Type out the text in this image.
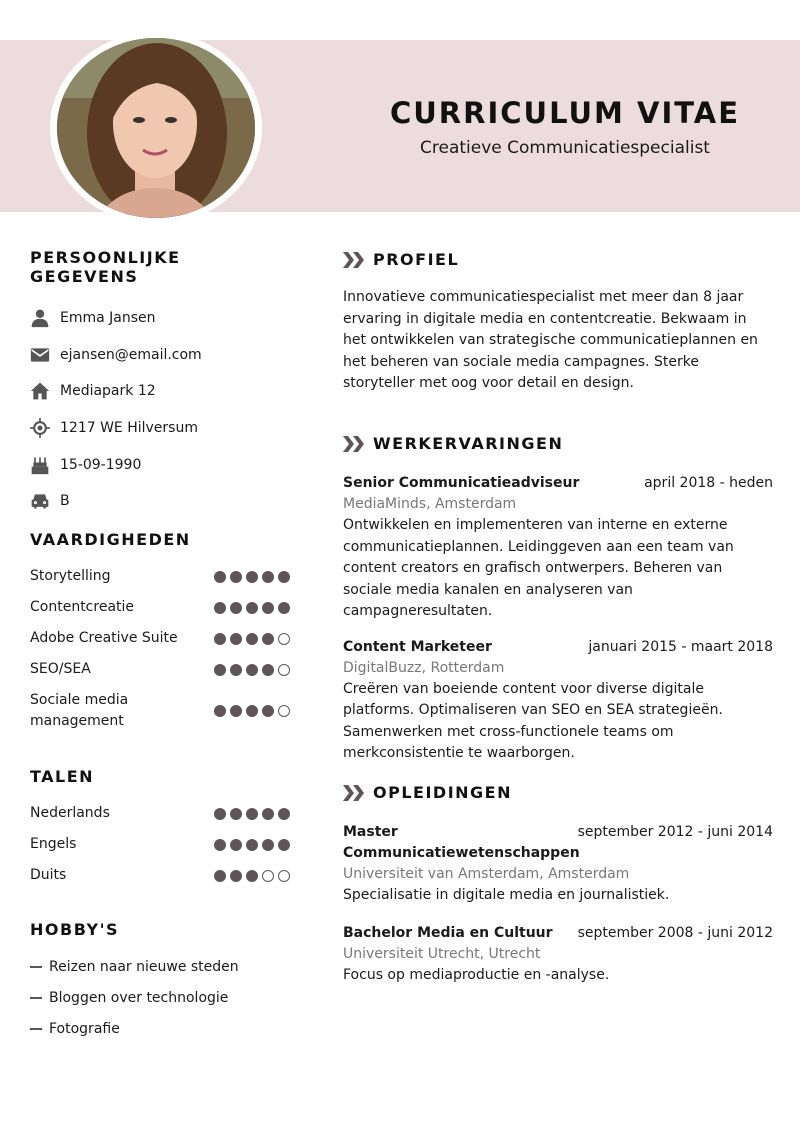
CURRICULUM VITAE
Creatieve Communicatiespecialist
PERSOONLIJKE GEGEVENS
Emma Jansen
ejansen@email.com
Mediapark 12
1217 WE Hilversum
15-09-1990
B
VAARDIGHEDEN
Storytelling
Contentcreatie
Adobe Creative Suite
SEO/SEA
Sociale media management
TALEN
Nederlands
Engels
Duits
HOBBY'S
Reizen naar nieuwe steden
Bloggen over technologie
Fotografie
PROFIEL
Innovatieve communicatiespecialist met meer dan 8 jaar ervaring in digitale media en contentcreatie. Bekwaam in het ontwikkelen van strategische communicatieplannen en het beheren van sociale media campagnes. Sterke storyteller met oog voor detail en design.
WERKERVARINGEN
Senior Communicatieadviseur	april 2018 - heden
MediaMinds, Amsterdam
Ontwikkelen en implementeren van interne en externe communicatieplannen. Leidinggeven aan een team van content creators en grafisch ontwerpers. Beheren van sociale media kanalen en analyseren van campagneresultaten.
Content Marketeer	januari 2015 - maart 2018
DigitalBuzz, Rotterdam
Creëren van boeiende content voor diverse digitale platforms. Optimaliseren van SEO en SEA strategieën. Samenwerken met cross-functionele teams om merkconsistentie te waarborgen.
OPLEIDINGEN
Master Communicatiewetenschappen
september 2012 - juni 2014
Universiteit van Amsterdam, Amsterdam
Specialisatie in digitale media en journalistiek.
Bachelor Media en Cultuur september 2008 - juni 2012
Universiteit Utrecht, Utrecht
Focus op mediaproductie en -analyse.
